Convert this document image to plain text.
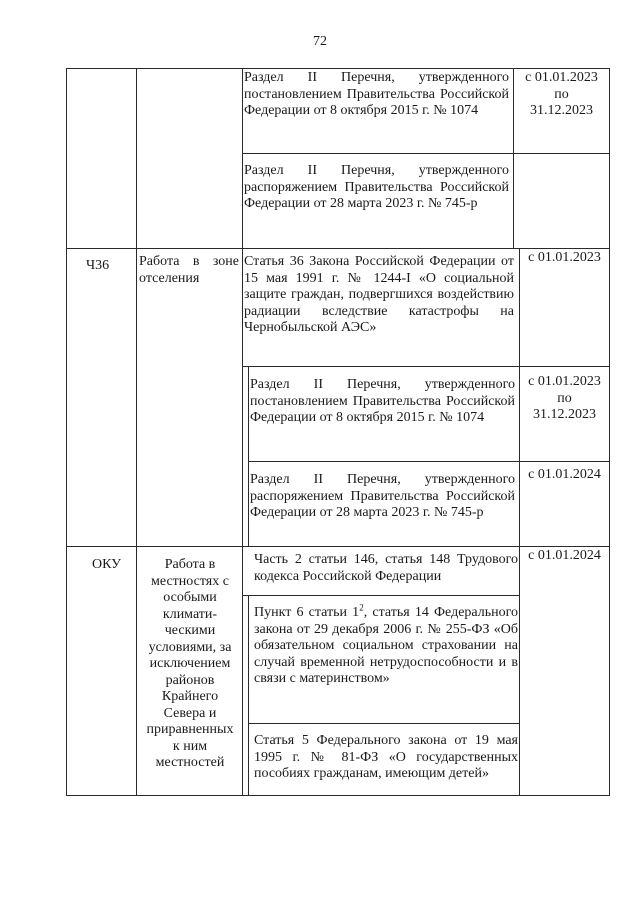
72
Раздел II Перечня, утвержденного постановлением Правительства Российской Федерации от 8 октября 2015 г. № 1074
с 01.01.2023
по
31.12.2023
Раздел II Перечня, утвержденного распоряжением Правительства Российской Федерации от 28 марта 2023 г. № 745-р
Ч36	Работа в зоне отселения
Статья 36 Закона Российской Федерации от 15 мая 1991 г. № 1244-I «О социальной защите граждан, подвергшихся воздействию радиации вследствие катастрофы на Чернобыльской АЭС»
с 01.01.2023
Раздел II Перечня, утвержденного постановлением Правительства Российской Федерации от 8 октября 2015 г. № 1074
с 01.01.2023
по
31.12.2023
Раздел II Перечня, утвержденного распоряжением Правительства Российской Федерации от 28 марта 2023 г. № 745-р
с 01.01.2024
ОКУ	Работа в
местностях с
особыми
климати-
ческими
условиями, за
исключением
районов
Крайнего
Севера и
приравненных
к ним
местностей
Часть 2 статьи 146, статья 148 Трудового кодекса Российской Федерации
с 01.01.2024
Пункт 6 статьи $1^2$, статья 14 Федерального закона от 29 декабря 2006 г. № 255-ФЗ «Об обязательном социальном страховании на случай временной нетрудоспособности и в связи с материнством»
Статья 5 Федерального закона от 19 мая 1995 г. № 81-ФЗ «О государственных пособиях гражданам, имеющим детей»
